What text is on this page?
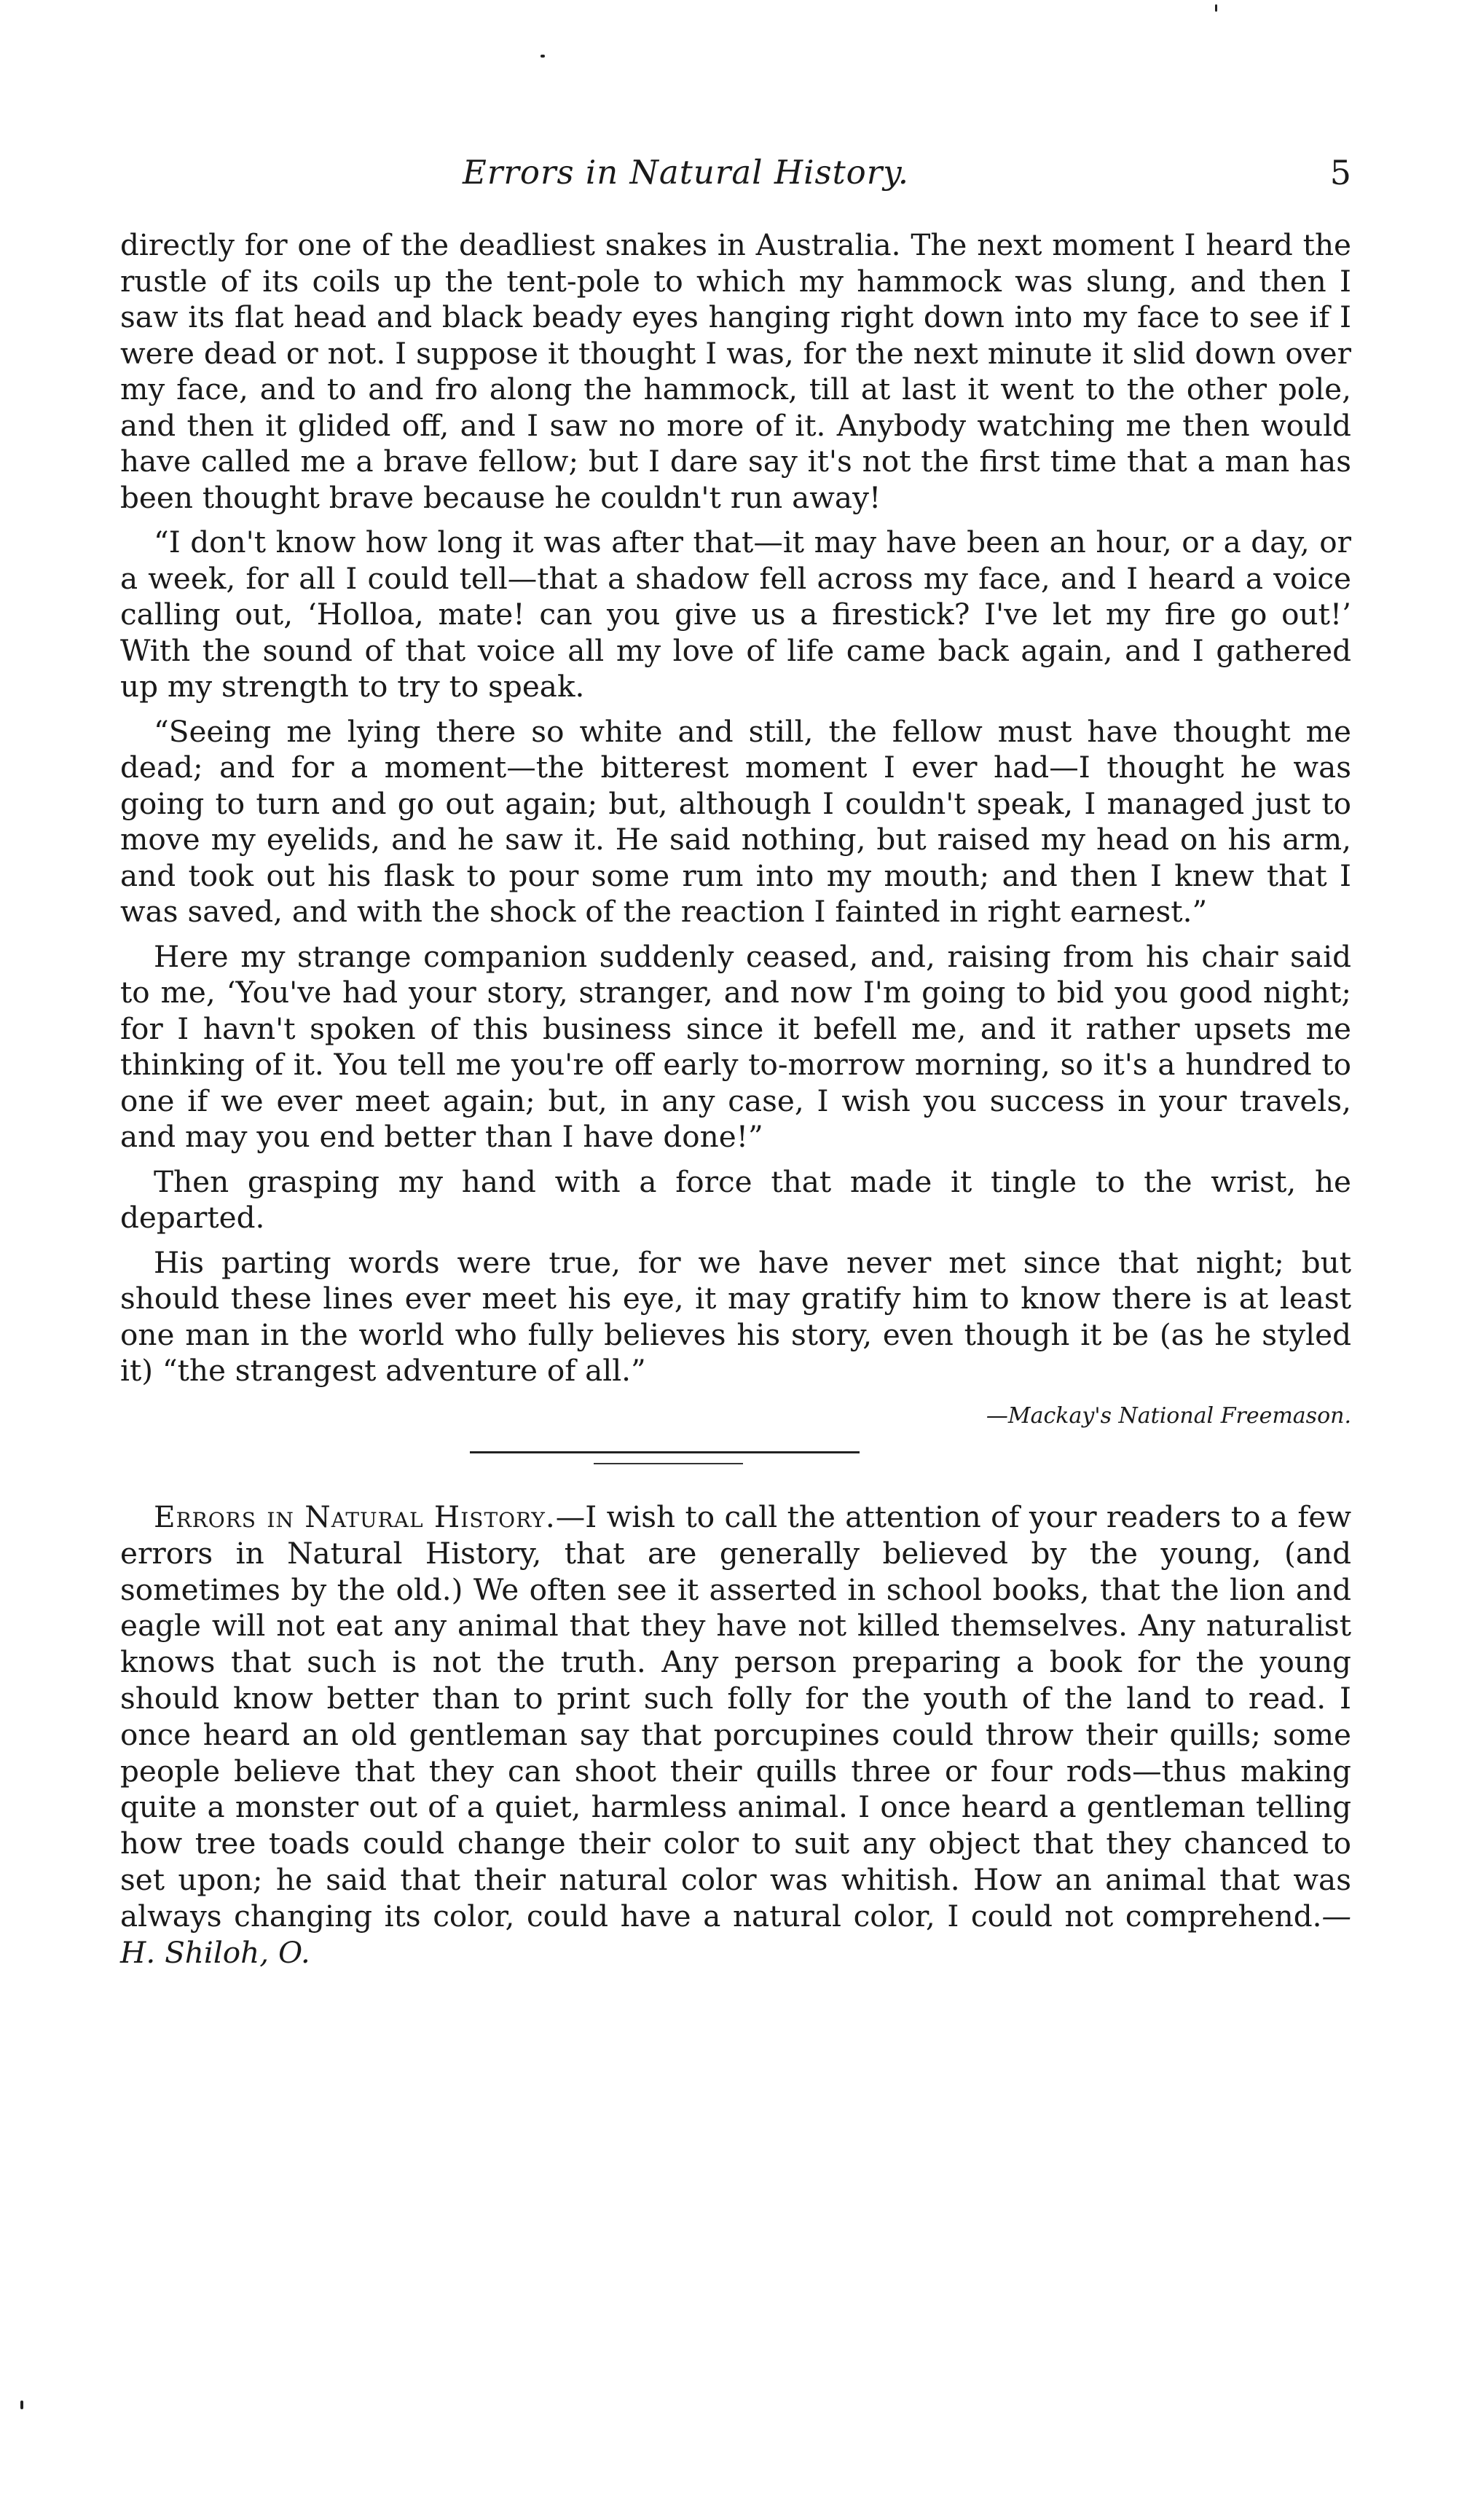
Errors in Natural History.	5

directly for one of the deadliest snakes in Australia. The next moment I heard the rustle of its coils up the tent-pole to which my hammock was slung, and then I saw its flat head and black beady eyes hanging right down into my face to see if I were dead or not. I suppose it thought I was, for the next minute it slid down over my face, and to and fro along the hammock, till at last it went to the other pole, and then it glided off, and I saw no more of it. Anybody watching me then would have called me a brave fellow; but I dare say it's not the first time that a man has been thought brave because he couldn't run away!

“I don't know how long it was after that—it may have been an hour, or a day, or a week, for all I could tell—that a shadow fell across my face, and I heard a voice calling out, ‘Holloa, mate! can you give us a firestick? I've let my fire go out!’ With the sound of that voice all my love of life came back again, and I gathered up my strength to try to speak.

“Seeing me lying there so white and still, the fellow must have thought me dead; and for a moment—the bitterest moment I ever had—I thought he was going to turn and go out again; but, although I couldn't speak, I managed just to move my eyelids, and he saw it. He said nothing, but raised my head on his arm, and took out his flask to pour some rum into my mouth; and then I knew that I was saved, and with the shock of the reaction I fainted in right earnest.”

Here my strange companion suddenly ceased, and, raising from his chair said to me, ‘You've had your story, stranger, and now I'm going to bid you good night; for I havn't spoken of this business since it befell me, and it rather upsets me thinking of it. You tell me you're off early to-morrow morning, so it's a hundred to one if we ever meet again; but, in any case, I wish you success in your travels, and may you end better than I have done!”

Then grasping my hand with a force that made it tingle to the wrist, he departed.

His parting words were true, for we have never met since that night; but should these lines ever meet his eye, it may gratify him to know there is at least one man in the world who fully believes his story, even though it be (as he styled it) “the strangest adventure of all.”

—Mackay's National Freemason.

Errors in Natural History.—I wish to call the attention of your readers to a few errors in Natural History, that are generally believed by the young, (and sometimes by the old.) We often see it asserted in school books, that the lion and eagle will not eat any animal that they have not killed themselves. Any naturalist knows that such is not the truth. Any person preparing a book for the young should know better than to print such folly for the youth of the land to read. I once heard an old gentleman say that porcupines could throw their quills; some people believe that they can shoot their quills three or four rods—thus making quite a monster out of a quiet, harmless animal. I once heard a gentleman telling how tree toads could change their color to suit any object that they chanced to set upon; he said that their natural color was whitish. How an animal that was always changing its color, could have a natural color, I could not comprehend.—H. Shiloh, O.
